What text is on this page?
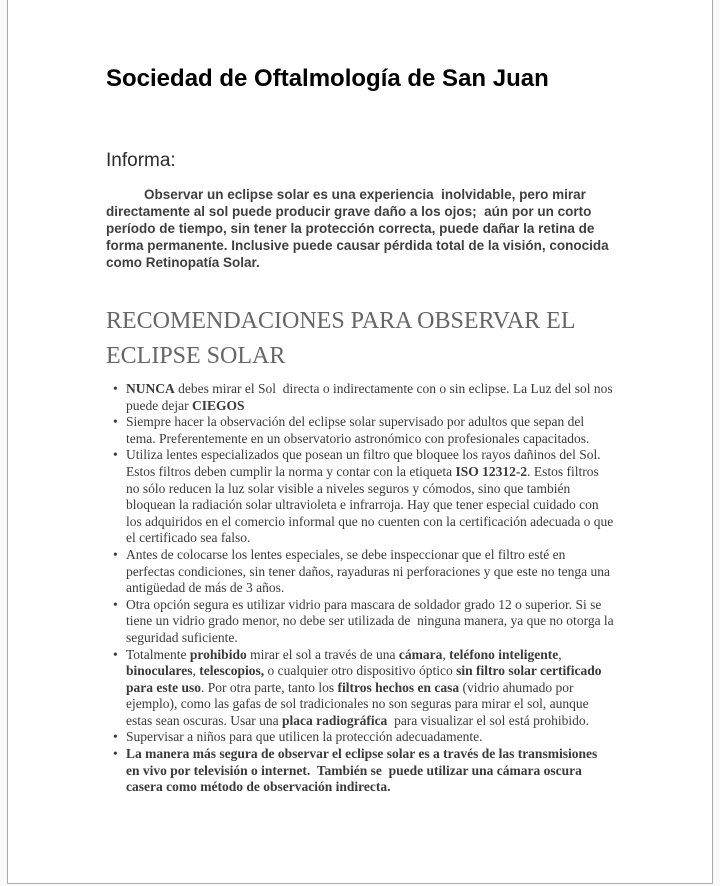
Sociedad de Oftalmología de San Juan

Informa:

Observar un eclipse solar es una experiencia  inolvidable, pero mirar directamente al sol puede producir grave daño a los ojos;  aún por un corto período de tiempo, sin tener la protección correcta, puede dañar la retina de forma permanente. Inclusive puede causar pérdida total de la visión, conocida como Retinopatía Solar.

RECOMENDACIONES PARA OBSERVAR EL ECLIPSE SOLAR
• NUNCA debes mirar el Sol  directa o indirectamente con o sin eclipse. La Luz del sol nos puede dejar CIEGOS
• Siempre hacer la observación del eclipse solar supervisado por adultos que sepan del tema. Preferentemente en un observatorio astronómico con profesionales capacitados.
• Utiliza lentes especializados que posean un filtro que bloquee los rayos dañinos del Sol. Estos filtros deben cumplir la norma y contar con la etiqueta ISO 12312-2. Estos filtros no sólo reducen la luz solar visible a niveles seguros y cómodos, sino que también bloquean la radiación solar ultravioleta e infrarroja. Hay que tener especial cuidado con los adquiridos en el comercio informal que no cuenten con la certificación adecuada o que el certificado sea falso.
• Antes de colocarse los lentes especiales, se debe inspeccionar que el filtro esté en perfectas condiciones, sin tener daños, rayaduras ni perforaciones y que este no tenga una antigüedad de más de 3 años.
• Otra opción segura es utilizar vidrio para mascara de soldador grado 12 o superior. Si se tiene un vidrio grado menor, no debe ser utilizada de  ninguna manera, ya que no otorga la seguridad suficiente.
• Totalmente prohibido mirar el sol a través de una cámara, teléfono inteligente, binoculares, telescopios, o cualquier otro dispositivo óptico sin filtro solar certificado para este uso. Por otra parte, tanto los filtros hechos en casa (vidrio ahumado por ejemplo), como las gafas de sol tradicionales no son seguras para mirar el sol, aunque estas sean oscuras. Usar una placa radiográfica  para visualizar el sol está prohibido.
• Supervisar a niños para que utilicen la protección adecuadamente.
• La manera más segura de observar el eclipse solar es a través de las transmisiones en vivo por televisión o internet.  También se  puede utilizar una cámara oscura casera como método de observación indirecta.
